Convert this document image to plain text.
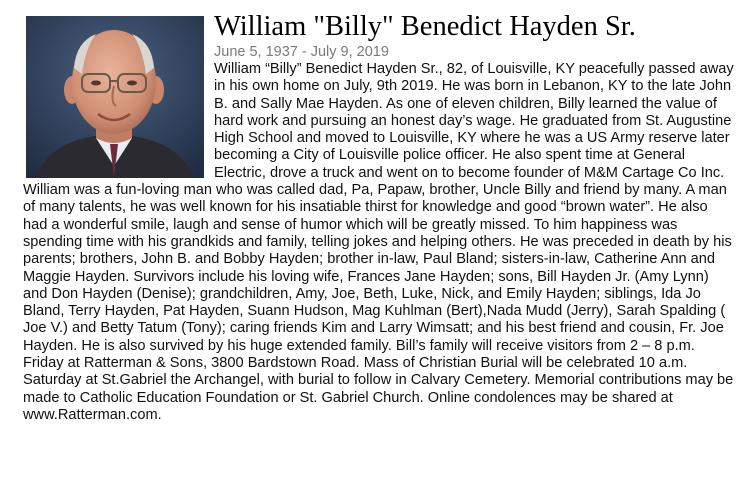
William "Billy" Benedict Hayden Sr.

June 5, 1937 - July 9, 2019

William “Billy” Benedict Hayden Sr., 82, of Louisville, KY peacefully passed away in his own home on July, 9th 2019. He was born in Lebanon, KY to the late John B. and Sally Mae Hayden. As one of eleven children, Billy learned the value of hard work and pursuing an honest day’s wage. He graduated from St. Augustine High School and moved to Louisville, KY where he was a US Army reserve later becoming a City of Louisville police officer. He also spent time at General Electric, drove a truck and went on to become founder of M&M Cartage Co Inc. William was a fun-loving man who was called dad, Pa, Papaw, brother, Uncle Billy and friend by many. A man of many talents, he was well known for his insatiable thirst for knowledge and good “brown water”. He also had a wonderful smile, laugh and sense of humor which will be greatly missed. To him happiness was spending time with his grandkids and family, telling jokes and helping others. He was preceded in death by his parents; brothers, John B. and Bobby Hayden; brother in-law, Paul Bland; sisters-in-law, Catherine Ann and Maggie Hayden. Survivors include his loving wife, Frances Jane Hayden; sons, Bill Hayden Jr. (Amy Lynn) and Don Hayden (Denise); grandchildren, Amy, Joe, Beth, Luke, Nick, and Emily Hayden; siblings, Ida Jo Bland, Terry Hayden, Pat Hayden, Suann Hudson, Mag Kuhlman (Bert),Nada Mudd (Jerry), Sarah Spalding ( Joe V.) and Betty Tatum (Tony); caring friends Kim and Larry Wimsatt; and his best friend and cousin, Fr. Joe Hayden. He is also survived by his huge extended family. Bill’s family will receive visitors from 2 – 8 p.m. Friday at Ratterman & Sons, 3800 Bardstown Road. Mass of Christian Burial will be celebrated 10 a.m. Saturday at St.Gabriel the Archangel, with burial to follow in Calvary Cemetery. Memorial contributions may be made to Catholic Education Foundation or St. Gabriel Church. Online condolences may be shared at www.Ratterman.com.
